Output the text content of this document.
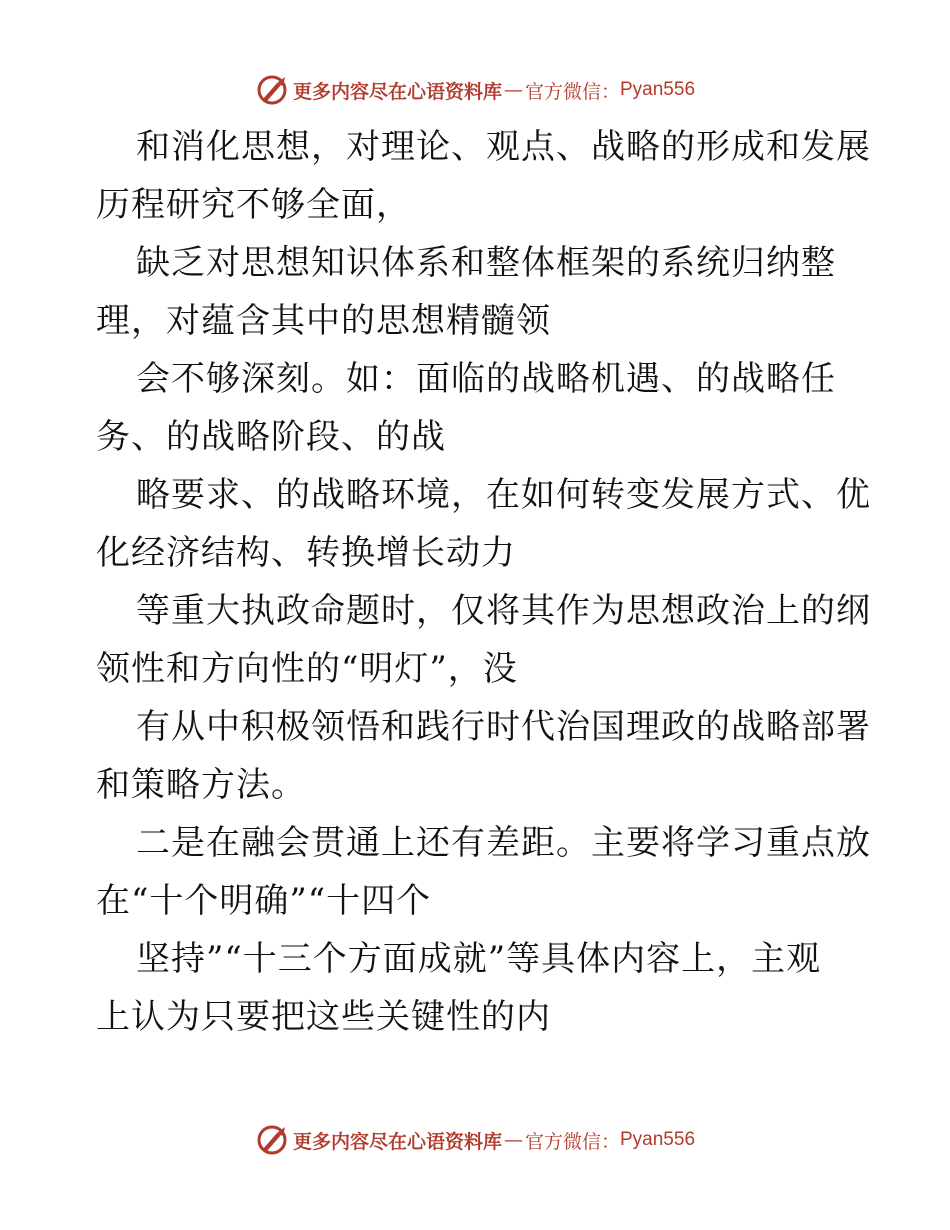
更多内容尽在心语资料库 — 官方微信： Pyan556

和消化思想，对理论、观点、战略的形成和发展
历程研究不够全面，

缺乏对思想知识体系和整体框架的系统归纳整
理，对蕴含其中的思想精髓领

会不够深刻。如：面临的战略机遇、的战略任
务、的战略阶段、的战

略要求、的战略环境，在如何转变发展方式、优
化经济结构、转换增长动力

等重大执政命题时，仅将其作为思想政治上的纲
领性和方向性的“明灯”，没

有从中积极领悟和践行时代治国理政的战略部署
和策略方法。

二是在融会贯通上还有差距。主要将学习重点放
在“十个明确”“十四个

坚持”“十三个方面成就”等具体内容上，主观
上认为只要把这些关键性的内

更多内容尽在心语资料库 — 官方微信： Pyan556
